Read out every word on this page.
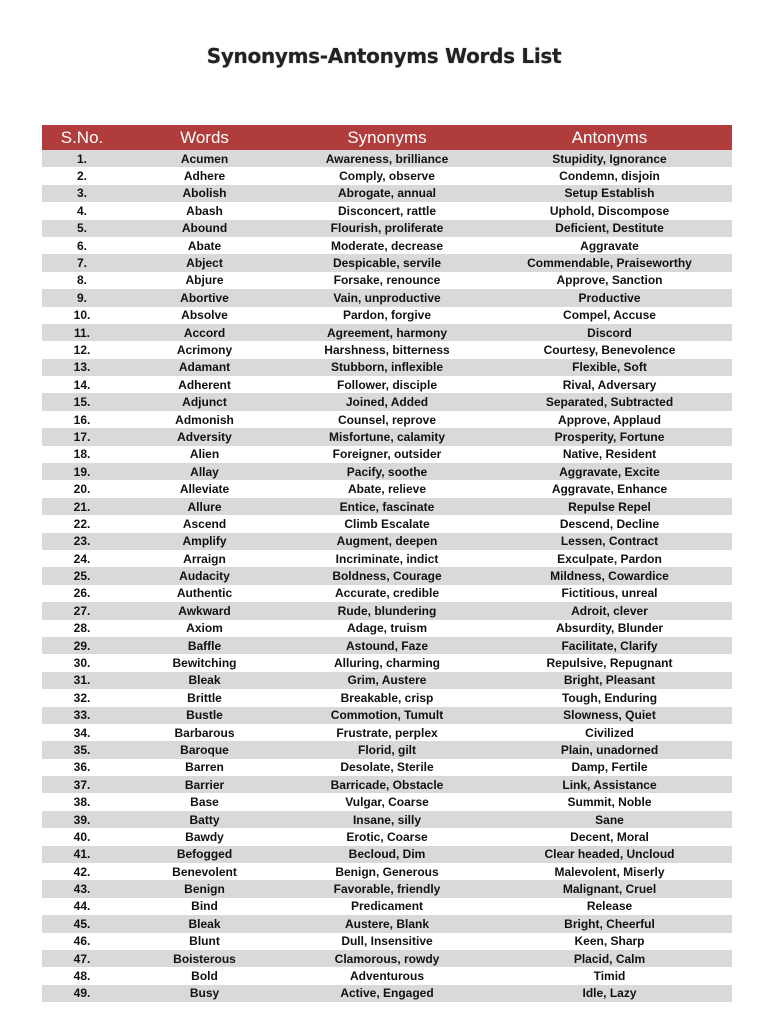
Synonyms-Antonyms Words List
S.No.	Words	Synonyms	Antonyms
1.	Acumen	Awareness, brilliance	Stupidity, Ignorance
2.	Adhere	Comply, observe	Condemn, disjoin
3.	Abolish	Abrogate, annual	Setup Establish
4.	Abash	Disconcert, rattle	Uphold, Discompose
5.	Abound	Flourish, proliferate	Deficient, Destitute
6.	Abate	Moderate, decrease	Aggravate
7.	Abject	Despicable, servile	Commendable, Praiseworthy
8.	Abjure	Forsake, renounce	Approve, Sanction
9.	Abortive	Vain, unproductive	Productive
10.	Absolve	Pardon, forgive	Compel, Accuse
11.	Accord	Agreement, harmony	Discord
12.	Acrimony	Harshness, bitterness	Courtesy, Benevolence
13.	Adamant	Stubborn, inflexible	Flexible, Soft
14.	Adherent	Follower, disciple	Rival, Adversary
15.	Adjunct	Joined, Added	Separated, Subtracted
16.	Admonish	Counsel, reprove	Approve, Applaud
17.	Adversity	Misfortune, calamity	Prosperity, Fortune
18.	Alien	Foreigner, outsider	Native, Resident
19.	Allay	Pacify, soothe	Aggravate, Excite
20.	Alleviate	Abate, relieve	Aggravate, Enhance
21.	Allure	Entice, fascinate	Repulse Repel
22.	Ascend	Climb Escalate	Descend, Decline
23.	Amplify	Augment, deepen	Lessen, Contract
24.	Arraign	Incriminate, indict	Exculpate, Pardon
25.	Audacity	Boldness, Courage	Mildness, Cowardice
26.	Authentic	Accurate, credible	Fictitious, unreal
27.	Awkward	Rude, blundering	Adroit, clever
28.	Axiom	Adage, truism	Absurdity, Blunder
29.	Baffle	Astound, Faze	Facilitate, Clarify
30.	Bewitching	Alluring, charming	Repulsive, Repugnant
31.	Bleak	Grim, Austere	Bright, Pleasant
32.	Brittle	Breakable, crisp	Tough, Enduring
33.	Bustle	Commotion, Tumult	Slowness, Quiet
34.	Barbarous	Frustrate, perplex	Civilized
35.	Baroque	Florid, gilt	Plain, unadorned
36.	Barren	Desolate, Sterile	Damp, Fertile
37.	Barrier	Barricade, Obstacle	Link, Assistance
38.	Base	Vulgar, Coarse	Summit, Noble
39.	Batty	Insane, silly	Sane
40.	Bawdy	Erotic, Coarse	Decent, Moral
41.	Befogged	Becloud, Dim	Clear headed, Uncloud
42.	Benevolent	Benign, Generous	Malevolent, Miserly
43.	Benign	Favorable, friendly	Malignant, Cruel
44.	Bind	Predicament	Release
45.	Bleak	Austere, Blank	Bright, Cheerful
46.	Blunt	Dull, Insensitive	Keen, Sharp
47.	Boisterous	Clamorous, rowdy	Placid, Calm
48.	Bold	Adventurous	Timid
49.	Busy	Active, Engaged	Idle, Lazy
